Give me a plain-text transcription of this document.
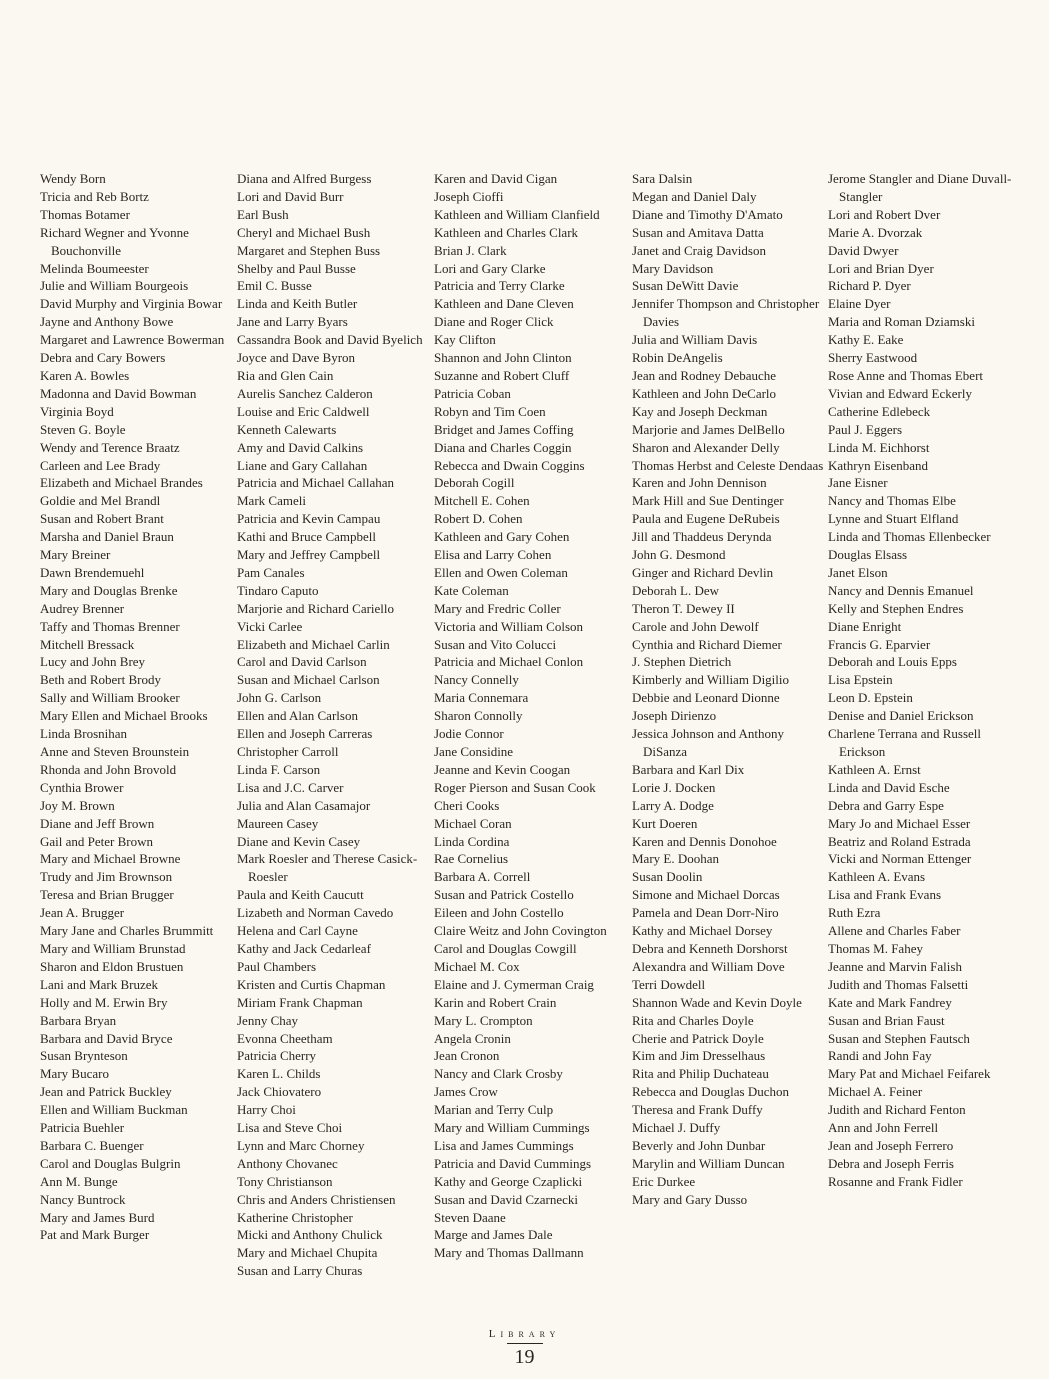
Wendy Born
Tricia and Reb Bortz
Thomas Botamer
Richard Wegner and Yvonne Bouchonville
Melinda Boumeester
Julie and William Bourgeois
David Murphy and Virginia Bowar
Jayne and Anthony Bowe
Margaret and Lawrence Bowerman
Debra and Cary Bowers
Karen A. Bowles
Madonna and David Bowman
Virginia Boyd
Steven G. Boyle
Wendy and Terence Braatz
Carleen and Lee Brady
Elizabeth and Michael Brandes
Goldie and Mel Brandl
Susan and Robert Brant
Marsha and Daniel Braun
Mary Breiner
Dawn Brendemuehl
Mary and Douglas Brenke
Audrey Brenner
Taffy and Thomas Brenner
Mitchell Bressack
Lucy and John Brey
Beth and Robert Brody
Sally and William Brooker
Mary Ellen and Michael Brooks
Linda Brosnihan
Anne and Steven Brounstein
Rhonda and John Brovold
Cynthia Brower
Joy M. Brown
Diane and Jeff Brown
Gail and Peter Brown
Mary and Michael Browne
Trudy and Jim Brownson
Teresa and Brian Brugger
Jean A. Brugger
Mary Jane and Charles Brummitt
Mary and William Brunstad
Sharon and Eldon Brustuen
Lani and Mark Bruzek
Holly and M. Erwin Bry
Barbara Bryan
Barbara and David Bryce
Susan Brynteson
Mary Bucaro
Jean and Patrick Buckley
Ellen and William Buckman
Patricia Buehler
Barbara C. Buenger
Carol and Douglas Bulgrin
Ann M. Bunge
Nancy Buntrock
Mary and James Burd
Pat and Mark Burger
Diana and Alfred Burgess
Lori and David Burr
Earl Bush
Cheryl and Michael Bush
Margaret and Stephen Buss
Shelby and Paul Busse
Emil C. Busse
Linda and Keith Butler
Jane and Larry Byars
Cassandra Book and David Byelich
Joyce and Dave Byron
Ria and Glen Cain
Aurelis Sanchez Calderon
Louise and Eric Caldwell
Kenneth Calewarts
Amy and David Calkins
Liane and Gary Callahan
Patricia and Michael Callahan
Mark Cameli
Patricia and Kevin Campau
Kathi and Bruce Campbell
Mary and Jeffrey Campbell
Pam Canales
Tindaro Caputo
Marjorie and Richard Cariello
Vicki Carlee
Elizabeth and Michael Carlin
Carol and David Carlson
Susan and Michael Carlson
John G. Carlson
Ellen and Alan Carlson
Ellen and Joseph Carreras
Christopher Carroll
Linda F. Carson
Lisa and J.C. Carver
Julia and Alan Casamajor
Maureen Casey
Diane and Kevin Casey
Mark Roesler and Therese Casick-Roesler
Paula and Keith Caucutt
Lizabeth and Norman Cavedo
Helena and Carl Cayne
Kathy and Jack Cedarleaf
Paul Chambers
Kristen and Curtis Chapman
Miriam Frank Chapman
Jenny Chay
Evonna Cheetham
Patricia Cherry
Karen L. Childs
Jack Chiovatero
Harry Choi
Lisa and Steve Choi
Lynn and Marc Chorney
Anthony Chovanec
Tony Christianson
Chris and Anders Christiensen
Katherine Christopher
Micki and Anthony Chulick
Mary and Michael Chupita
Susan and Larry Churas
Karen and David Cigan
Joseph Cioffi
Kathleen and William Clanfield
Kathleen and Charles Clark
Brian J. Clark
Lori and Gary Clarke
Patricia and Terry Clarke
Kathleen and Dane Cleven
Diane and Roger Click
Kay Clifton
Shannon and John Clinton
Suzanne and Robert Cluff
Patricia Coban
Robyn and Tim Coen
Bridget and James Coffing
Diana and Charles Coggin
Rebecca and Dwain Coggins
Deborah Cogill
Mitchell E. Cohen
Robert D. Cohen
Kathleen and Gary Cohen
Elisa and Larry Cohen
Ellen and Owen Coleman
Kate Coleman
Mary and Fredric Coller
Victoria and William Colson
Susan and Vito Colucci
Patricia and Michael Conlon
Nancy Connelly
Maria Connemara
Sharon Connolly
Jodie Connor
Jane Considine
Jeanne and Kevin Coogan
Roger Pierson and Susan Cook
Cheri Cooks
Michael Coran
Linda Cordina
Rae Cornelius
Barbara A. Correll
Susan and Patrick Costello
Eileen and John Costello
Claire Weitz and John Covington
Carol and Douglas Cowgill
Michael M. Cox
Elaine and J. Cymerman Craig
Karin and Robert Crain
Mary L. Crompton
Angela Cronin
Jean Cronon
Nancy and Clark Crosby
James Crow
Marian and Terry Culp
Mary and William Cummings
Lisa and James Cummings
Patricia and David Cummings
Kathy and George Czaplicki
Susan and David Czarnecki
Steven Daane
Marge and James Dale
Mary and Thomas Dallmann
Sara Dalsin
Megan and Daniel Daly
Diane and Timothy D'Amato
Susan and Amitava Datta
Janet and Craig Davidson
Mary Davidson
Susan DeWitt Davie
Jennifer Thompson and Christopher Davies
Julia and William Davis
Robin DeAngelis
Jean and Rodney Debauche
Kathleen and John DeCarlo
Kay and Joseph Deckman
Marjorie and James DelBello
Sharon and Alexander Delly
Thomas Herbst and Celeste Dendaas
Karen and John Dennison
Mark Hill and Sue Dentinger
Paula and Eugene DeRubeis
Jill and Thaddeus Derynda
John G. Desmond
Ginger and Richard Devlin
Deborah L. Dew
Theron T. Dewey II
Carole and John Dewolf
Cynthia and Richard Diemer
J. Stephen Dietrich
Kimberly and William Digilio
Debbie and Leonard Dionne
Joseph Dirienzo
Jessica Johnson and Anthony DiSanza
Barbara and Karl Dix
Lorie J. Docken
Larry A. Dodge
Kurt Doeren
Karen and Dennis Donohoe
Mary E. Doohan
Susan Doolin
Simone and Michael Dorcas
Pamela and Dean Dorr-Niro
Kathy and Michael Dorsey
Debra and Kenneth Dorshorst
Alexandra and William Dove
Terri Dowdell
Shannon Wade and Kevin Doyle
Rita and Charles Doyle
Cherie and Patrick Doyle
Kim and Jim Dresselhaus
Rita and Philip Duchateau
Rebecca and Douglas Duchon
Theresa and Frank Duffy
Michael J. Duffy
Beverly and John Dunbar
Marylin and William Duncan
Eric Durkee
Mary and Gary Dusso
Jerome Stangler and Diane Duvall-Stangler
Lori and Robert Dver
Marie A. Dvorzak
David Dwyer
Lori and Brian Dyer
Richard P. Dyer
Elaine Dyer
Maria and Roman Dziamski
Kathy E. Eake
Sherry Eastwood
Rose Anne and Thomas Ebert
Vivian and Edward Eckerly
Catherine Edlebeck
Paul J. Eggers
Linda M. Eichhorst
Kathryn Eisenband
Jane Eisner
Nancy and Thomas Elbe
Lynne and Stuart Elfland
Linda and Thomas Ellenbecker
Douglas Elsass
Janet Elson
Nancy and Dennis Emanuel
Kelly and Stephen Endres
Diane Enright
Francis G. Eparvier
Deborah and Louis Epps
Lisa Epstein
Leon D. Epstein
Denise and Daniel Erickson
Charlene Terrana and Russell Erickson
Kathleen A. Ernst
Linda and David Esche
Debra and Garry Espe
Mary Jo and Michael Esser
Beatriz and Roland Estrada
Vicki and Norman Ettenger
Kathleen A. Evans
Lisa and Frank Evans
Ruth Ezra
Allene and Charles Faber
Thomas M. Fahey
Jeanne and Marvin Falish
Judith and Thomas Falsetti
Kate and Mark Fandrey
Susan and Brian Faust
Susan and Stephen Fautsch
Randi and John Fay
Mary Pat and Michael Feifarek
Michael A. Feiner
Judith and Richard Fenton
Ann and John Ferrell
Jean and Joseph Ferrero
Debra and Joseph Ferris
Rosanne and Frank Fidler
Library
19
